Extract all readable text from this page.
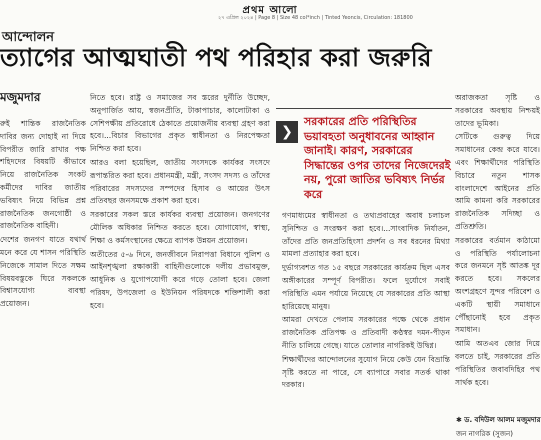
প্রথম আলো
২৭ এপ্রিল ২০২৪ | Page 8 | Size 48 col*inch | Tinted Yeoncis, Circulation: 181800
আন্দোলন
ত্যাগের আত্মঘাতী পথ পরিহার করা জরুরি
মজুমদার

রুই শান্তিক রাজনৈতিক দাবির জন্য দোহাই না দিয়ে বিপরীত জারি রাখার পক্ষ শহিদদের বিষয়টি কীভাবে নিয়ে রাজনৈতিক সংকট কর্মীদের দাবির জাতীয় ভবিষ্যৎ নিয়ে বিভিন্ন প্রশ্ন রাজনৈতিক জনগোষ্ঠী ও রাজনৈতিক বাহিনী।

দেশের জনগণ যাতে যথার্থ মনে করে যে শাসন পরিস্থিতি নিজেকে সামাল দিতে সক্ষম বিষয়বস্তুকে ঘিরে সকলকে বিশ্বাসযোগ্য ব্যবস্থা প্রয়োজন।

নিতে হবে। রাষ্ট্র ও সমাজের সব স্তরের দুর্নীতি উচ্ছেদ, অনুপার্জিত আয়, স্বজনপ্রীতি, টাকাপাচার, কালোটাকা ও সেশিপক্ষীয় প্রতিরোধে ঠেকাতে প্রয়োজনীয় ব্যবস্থা গ্রহণ করা হবে।...বিচার বিভাগের প্রকৃত স্বাধীনতা ও নিরপেক্ষতা নিশ্চিত করা হবে।

আরও বলা হয়েছিল, জাতীয় সংসদকে কার্যকর সংসদে রূপান্তরিত করা হবে। প্রধানমন্ত্রী, মন্ত্রী, সংসদ সদস্য ও তাঁদের পরিবারের সদস্যদের সম্পদের হিসাব ও আয়ের উৎস প্রতিবছর জনসমক্ষে প্রকাশ করা হবে।

সরকারের সকল স্তরে কার্যকর ব্যবস্থা প্রয়োজন। জনগণের মৌলিক অধিকার নিশ্চিত করতে হবে। যোগাযোগ, স্বাস্থ্য, শিক্ষা ও কর্মসংস্থানের ক্ষেত্রে ব্যাপক উন্নয়ন প্রয়োজন।

অতীতের ৫-৬ দিনে, জনজীবনে নিরাপত্তা বিধানে পুলিশ ও আইনশৃঙ্খলা রক্ষাকারী বাহিনীগুলোকে দলীয় প্রভাবমুক্ত, আধুনিক ও যুগোপযোগী করে গড়ে তোলা হবে। জেলা পরিষদ, উপজেলা ও ইউনিয়ন পরিষদকে শক্তিশালী করা হবে।

❯
সরকারের প্রতি পরিস্থিতির ভয়াবহতা অনুধাবনের আহ্বান জানাই। কারণ, সরকারের সিদ্ধান্তের ওপর তাদের নিজেদেরই নয়, পুরো জাতির ভবিষ্যৎ নির্ভর করে

গণমাধ্যমের স্বাধীনতা ও তথ্যপ্রবাহের অবাধ চলাচল সুনিশ্চিত ও সংরক্ষণ করা হবে।...সাংবাদিক নির্যাতন, তাঁদের প্রতি জনপ্রতিহিংসা প্রদর্শন ও সব ধরনের মিথ্যা মামলা প্রত্যাহার করা হবে।

দুর্ভাগ্যবশত গত ১৫ বছরে সরকারের কার্যক্রম ছিল এসব অঙ্গীকারের সম্পূর্ণ বিপরীত। ফলে দুর্যোগে সবাই পরিস্থিতি এমন পর্যায়ে নিয়েছে যে সরকারের প্রতি আস্থা হারিয়েছে মানুষ।

আমরা দেখতে পেলাম সরকারের পক্ষে থেকে প্রধান রাজনৈতিক প্রতিপক্ষ ও প্রতিবাদী কণ্ঠস্বর দমন-পীড়ন নীতি চালিয়ে গেছে। যাতে তোলার নাগরিকই উদ্বিগ্ন।

শিক্ষার্থীদের আন্দোলনের সুযোগ নিয়ে কেউ যেন বিভ্রান্তি সৃষ্টি করতে না পারে, সে ব্যাপারে সবার সতর্ক থাকা দরকার।

অরাজকতা সৃষ্টি ও সরকারের অবস্থায় নিশ্চয়ই তাদের ভূমিকা।

সেটিকে গুরুত্ব দিয়ে সমাধানের কেন্দ্র করে যাবে। এবং শিক্ষার্থীদের পরিস্থিতি বিচারে নতুন শাসক বাংলাদেশে আইনের প্রতি আমি কামনা করি সরকারের রাজনৈতিক সদিচ্ছা ও প্রতিশ্রুতি।

সরকারের বর্তমান কাঠামো ও পরিস্থিতি পর্যালোচনা করে জনমনে সৃষ্ট আতঙ্ক দূর করতে হবে। সকলের অংশগ্রহণে সুন্দর পরিবেশ ও একটি স্থায়ী সমাধানে পৌঁছানোই হবে প্রকৃত সমাধান।

আমি অতএব জোর দিয়ে বলতে চাই, সরকারের প্রতি পরিস্থিতির জবাবদিহির পথ সার্থক হবে।

✱ ড. বদিউল আলম মজুমদার
জন নাগরিক (সুজন)
